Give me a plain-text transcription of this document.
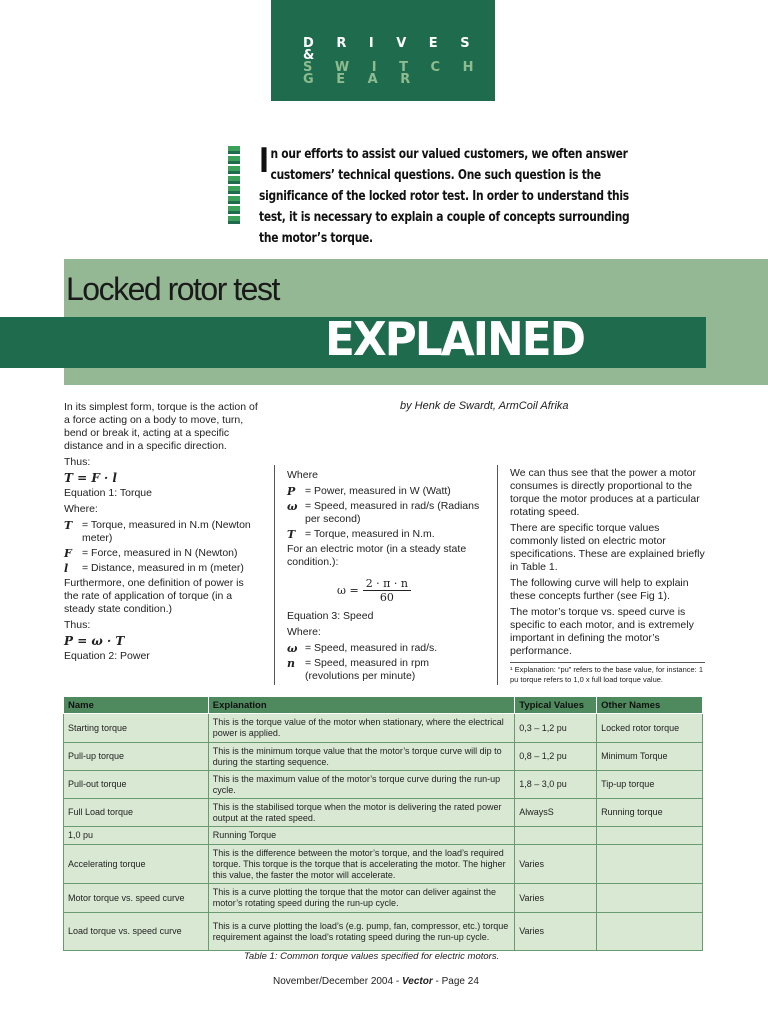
D R I V E S &
S W I T C H G E A R
In our efforts to assist our valued customers, we often answer customers’ technical questions. One such question is the significance of the locked rotor test. In order to understand this test, it is necessary to explain a couple of concepts surrounding the motor’s torque.
Locked rotor test
EXPLAINED
by Henk de Swardt, ArmCoil Afrika

In its simplest form, torque is the action of a force acting on a body to move, turn, bend or break it, acting at a specific distance and in a specific direction.

Thus:

T = F · l

Equation 1: Torque

Where:

T = Torque, measured in N.m (Newton meter)
F = Force, measured in N (Newton)
l	= Distance, measured in m (meter)

Furthermore, one definition of power is the rate of application of torque (in a steady state condition.)

Thus:

P = ω · T

Equation 2: Power

Where

P = Power, measured in W (Watt)
ω = Speed, measured in rad/s (Radians per second)
T = Torque, measured in N.m.

For an electric motor (in a steady state condition.):

$\omega = \frac{2 \cdot \pi \cdot n}{60}$

Equation 3: Speed

Where:

ω = Speed, measured in rad/s.
n = Speed, measured in rpm (revolutions per minute)

We can thus see that the power a motor consumes is directly proportional to the torque the motor produces at a particular rotating speed.

There are specific torque values commonly listed on electric motor specifications. These are explained briefly in Table 1.

The following curve will help to explain these concepts further (see Fig 1).

The motor’s torque vs. speed curve is specific to each motor, and is extremely important in defining the motor’s performance.

¹ Explanation: “pu” refers to the base value, for instance: 1 pu torque refers to 1,0 x full load torque value.
Name	Explanation	Typical Values	Other Names
Starting torque	This is the torque value of the motor when stationary, where the electrical power is applied.	0,3 – 1,2 pu	Locked rotor torque
Pull-up torque	This is the minimum torque value that the motor’s torque curve will dip to during the starting sequence.	0,8 – 1,2 pu	Minimum Torque
Pull-out torque	This is the maximum value of the motor’s torque curve during the run-up cycle.	1,8 – 3,0 pu	Tip-up torque
Full Load torque	This is the stabilised torque when the motor is delivering the rated power output at the rated speed.	AlwaysS	Running torque
1,0 pu	Running Torque		
Accelerating torque	This is the difference between the motor’s torque, and the load’s required torque. This torque is the torque that is accelerating the motor. The higher this value, the faster the motor will accelerate.	Varies	
Motor torque vs. speed curve	This is a curve plotting the torque that the motor can deliver against the motor’s rotating speed during the run-up cycle.	Varies	
Load torque vs. speed curve	This is a curve plotting the load’s (e.g. pump, fan, compressor, etc.) torque requirement against the load’s rotating speed during the run-up cycle.	Varies	
Table 1: Common torque values specified for electric motors.
November/December 2004 - Vector - Page 24
